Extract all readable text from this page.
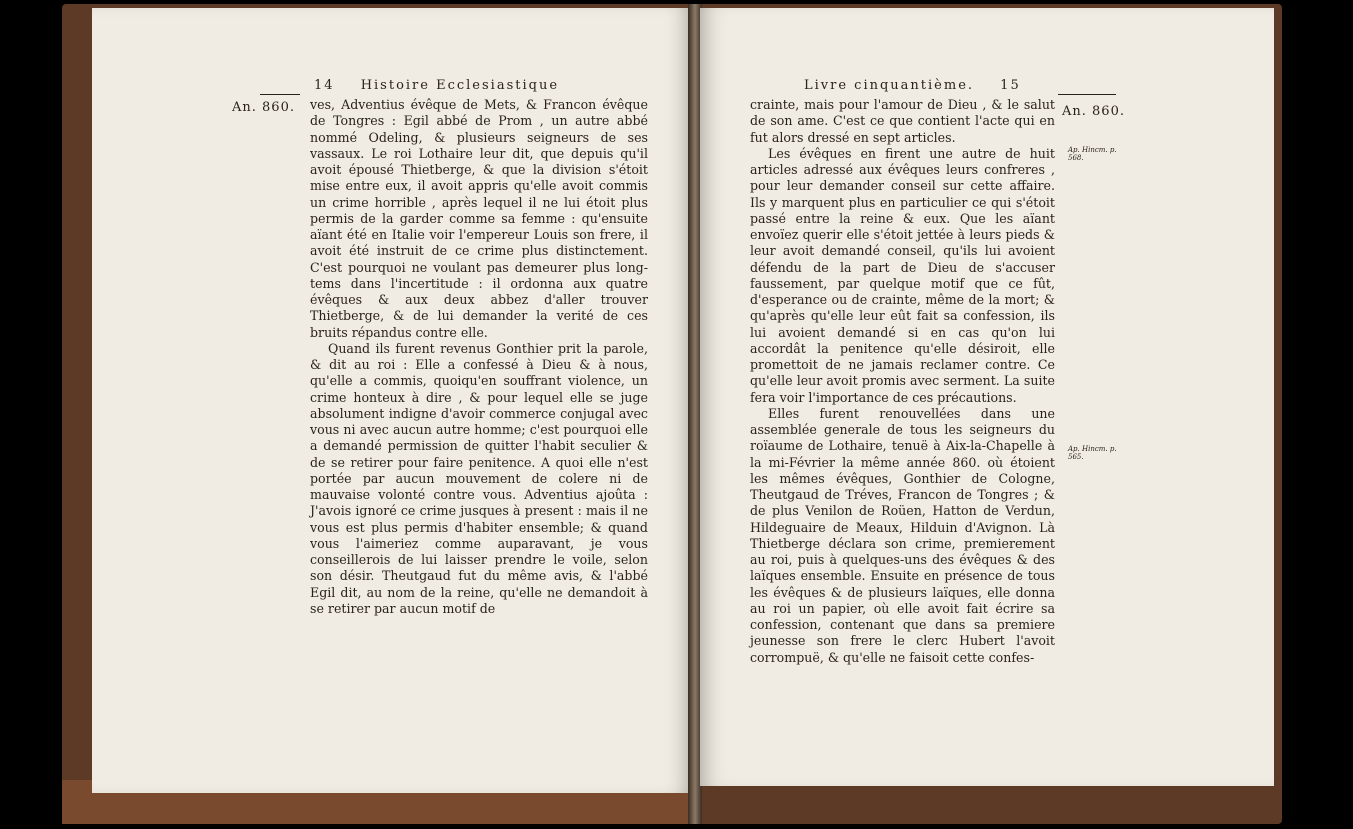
14 Histoire Ecclesiastique
An. 860. ves, Adventius évêque de Mets, & Francon évêque de Tongres : Egil abbé de Prom , un autre abbé nommé Odeling, & plusieurs seigneurs de ses vassaux. Le roi Lothaire leur dit, que depuis qu'il avoit épousé Thietberge, & que la division s'étoit mise entre eux, il avoit appris qu'elle avoit commis un crime horrible , après lequel il ne lui étoit plus permis de la garder comme sa femme : qu'ensuite aïant été en Italie voir l'empereur Louis son frere, il avoit été instruit de ce crime plus distinctement. C'est pourquoi ne voulant pas demeurer plus long-tems dans l'incertitude : il ordonna aux quatre évêques & aux deux abbez d'aller trouver Thietberge, & de lui demander la verité de ces bruits répandus contre elle.

Quand ils furent revenus Gonthier prit la parole, & dit au roi : Elle a confessé à Dieu & à nous, qu'elle a commis, quoiqu'en souffrant violence, un crime honteux à dire , & pour lequel elle se juge absolument indigne d'avoir commerce conjugal avec vous ni avec aucun autre homme; c'est pourquoi elle a demandé permission de quitter l'habit seculier & de se retirer pour faire penitence. A quoi elle n'est portée par aucun mouvement de colere ni de mauvaise volonté contre vous. Adventius ajoûta : J'avois ignoré ce crime jusques à present : mais il ne vous est plus permis d'habiter ensemble; & quand vous l'aimeriez comme auparavant, je vous conseillerois de lui laisser prendre le voile, selon son désir. Theutgaud fut du même avis, & l'abbé Egil dit, au nom de la reine, qu'elle ne demandoit à se retirer par aucun motif de

Livre cinquantième. 15
An. 860.
Ap. Hincm. p. 568.
Ap. Hincm. p. 565.

crainte, mais pour l'amour de Dieu , & le salut de son ame. C'est ce que contient l'acte qui en fut alors dressé en sept articles.

Les évêques en firent une autre de huit articles adressé aux évêques leurs confreres , pour leur demander conseil sur cette affaire. Ils y marquent plus en particulier ce qui s'étoit passé entre la reine & eux. Que les aïant envoïez querir elle s'étoit jettée à leurs pieds & leur avoit demandé conseil, qu'ils lui avoient défendu de la part de Dieu de s'accuser faussement, par quelque motif que ce fût, d'esperance ou de crainte, même de la mort; & qu'après qu'elle leur eût fait sa confession, ils lui avoient demandé si en cas qu'on lui accordât la penitence qu'elle désiroit, elle promettoit de ne jamais reclamer contre. Ce qu'elle leur avoit promis avec serment. La suite fera voir l'importance de ces précautions.

Elles furent renouvellées dans une assemblée generale de tous les seigneurs du roïaume de Lothaire, tenuë à Aix-la-Chapelle à la mi-Février la même année 860. où étoient les mêmes évêques, Gonthier de Cologne, Theutgaud de Tréves, Francon de Tongres ; & de plus Venilon de Roüen, Hatton de Verdun, Hildeguaire de Meaux, Hilduin d'Avignon. Là Thietberge déclara son crime, premierement au roi, puis à quelques-uns des évêques & des laïques ensemble. Ensuite en présence de tous les évêques & de plusieurs laïques, elle donna au roi un papier, où elle avoit fait écrire sa confession, contenant que dans sa premiere jeunesse son frere le clerc Hubert l'avoit corrompuë, & qu'elle ne faisoit cette confes-
